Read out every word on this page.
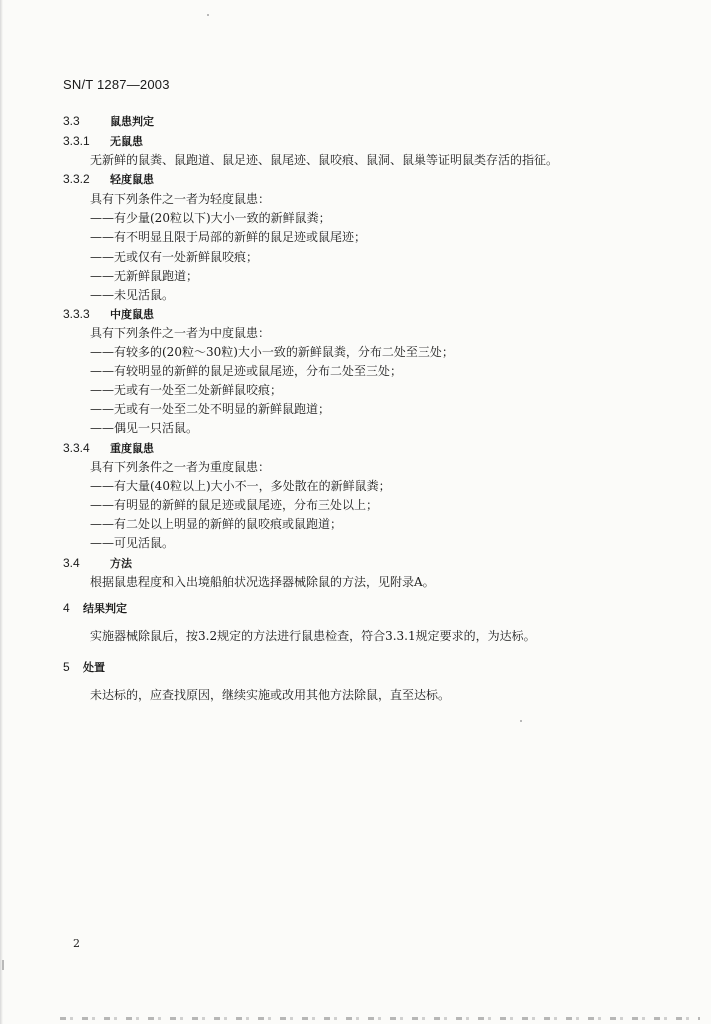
SN/T 1287—2003
3.3	鼠患判定
3.3.1 无鼠患
无新鲜的鼠粪、鼠跑道、鼠足迹、鼠尾迹、鼠咬痕、鼠洞、鼠巢等证明鼠类存活的指征。
3.3.2 轻度鼠患
具有下列条件之一者为轻度鼠患：
——有少量(20粒以下)大小一致的新鲜鼠粪；
——有不明显且限于局部的新鲜的鼠足迹或鼠尾迹；
——无或仅有一处新鲜鼠咬痕；
——无新鲜鼠跑道；
——未见活鼠。
3.3.3 中度鼠患
具有下列条件之一者为中度鼠患：
——有较多的(20粒～30粒)大小一致的新鲜鼠粪，分布二处至三处；
——有较明显的新鲜的鼠足迹或鼠尾迹，分布二处至三处；
——无或有一处至二处新鲜鼠咬痕；
——无或有一处至二处不明显的新鲜鼠跑道；
——偶见一只活鼠。
3.3.4 重度鼠患
具有下列条件之一者为重度鼠患：
——有大量(40粒以上)大小不一，多处散在的新鲜鼠粪；
——有明显的新鲜的鼠足迹或鼠尾迹，分布三处以上；
——有二处以上明显的新鲜的鼠咬痕或鼠跑道；
——可见活鼠。
3.4	方法
根据鼠患程度和入出境船舶状况选择器械除鼠的方法，见附录A。
4 结果判定
实施器械除鼠后，按3.2规定的方法进行鼠患检查，符合3.3.1规定要求的，为达标。
5 处置
未达标的，应查找原因，继续实施或改用其他方法除鼠，直至达标。
2
